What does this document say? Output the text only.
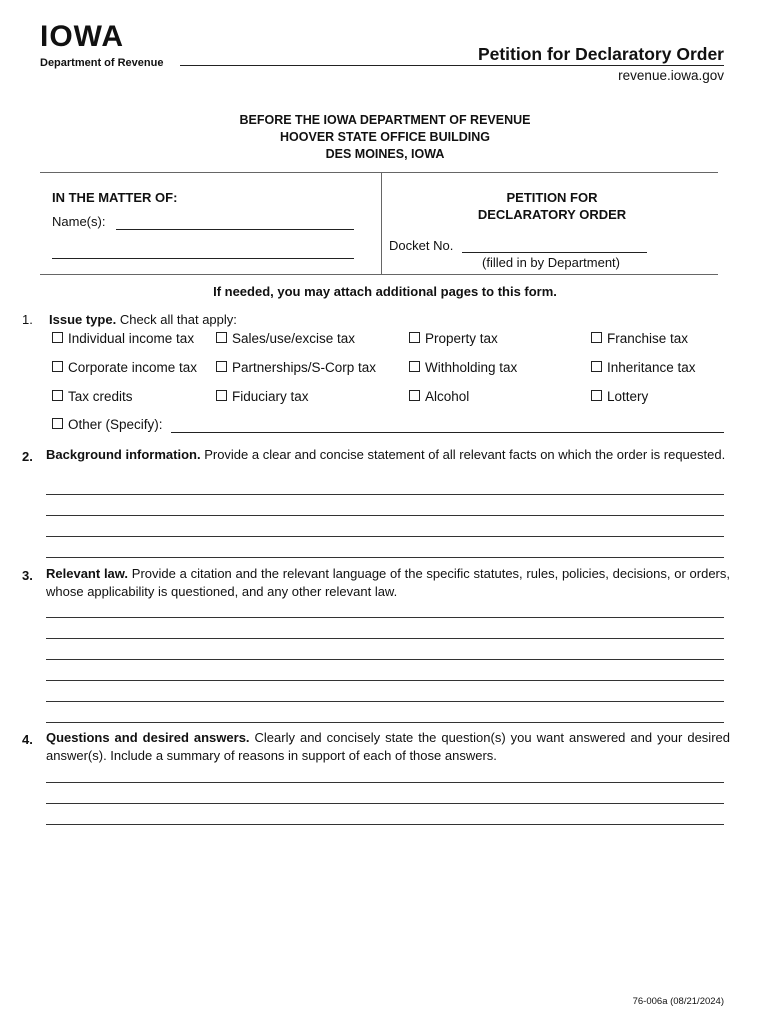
IOWA
Department of Revenue	Petition for Declaratory Order
revenue.iowa.gov
BEFORE THE IOWA DEPARTMENT OF REVENUE
HOOVER STATE OFFICE BUILDING
DES MOINES, IOWA
IN THE MATTER OF:
Name(s):
PETITION FOR
DECLARATORY ORDER
Docket No.
(filled in by Department)
If needed, you may attach additional pages to this form.
1. Issue type. Check all that apply:
Individual income tax	Sales/use/excise tax	Property tax	Franchise tax
Corporate income tax	Partnerships/S-Corp tax	Withholding tax	Inheritance tax
Tax credits	Fiduciary tax	Alcohol	Lottery
Other (Specify):
2. Background information. Provide a clear and concise statement of all relevant facts on which the order is requested.
3. Relevant law. Provide a citation and the relevant language of the specific statutes, rules, policies, decisions, or orders, whose applicability is questioned, and any other relevant law.
4. Questions and desired answers. Clearly and concisely state the question(s) you want answered and your desired answer(s). Include a summary of reasons in support of each of those answers.
76-006a (08/21/2024)
